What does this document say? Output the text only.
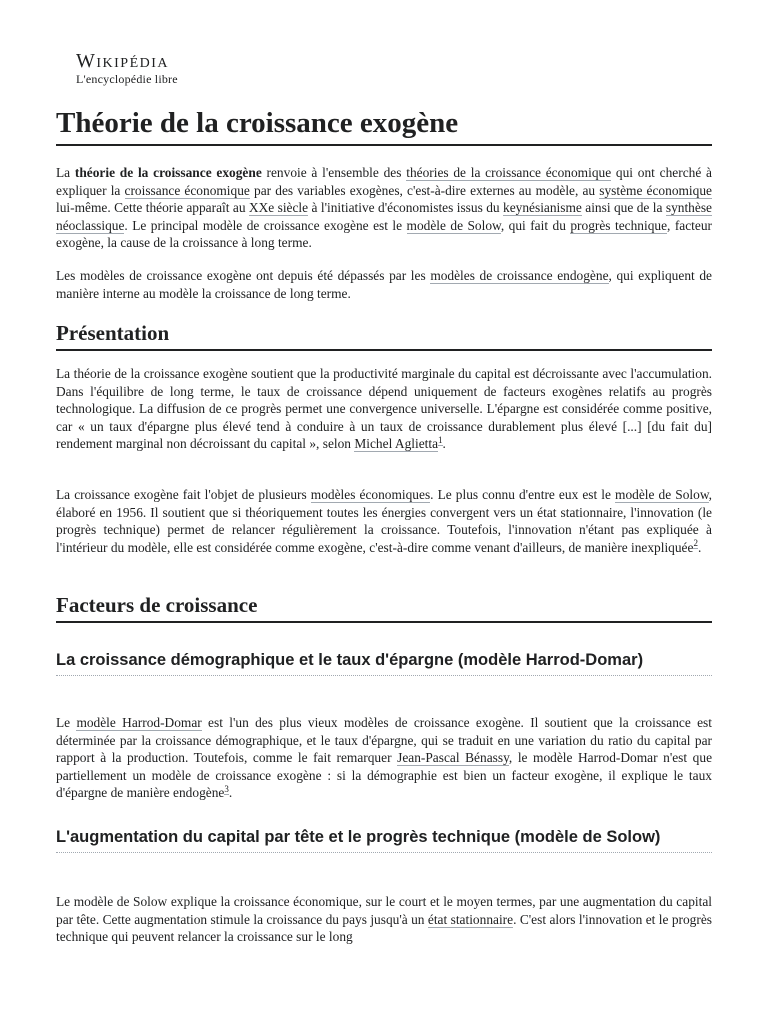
Wikipédia
L'encyclopédie libre
Théorie de la croissance exogène

La théorie de la croissance exogène renvoie à l'ensemble des théories de la croissance économique qui ont cherché à expliquer la croissance économique par des variables exogènes, c'est-à-dire externes au modèle, au système économique lui-même. Cette théorie apparaît au XXe siècle à l'initiative d'économistes issus du keynésianisme ainsi que de la synthèse néoclassique. Le principal modèle de croissance exogène est le modèle de Solow, qui fait du progrès technique, facteur exogène, la cause de la croissance à long terme.

Les modèles de croissance exogène ont depuis été dépassés par les modèles de croissance endogène, qui expliquent de manière interne au modèle la croissance de long terme.

Présentation

La théorie de la croissance exogène soutient que la productivité marginale du capital est décroissante avec l'accumulation. Dans l'équilibre de long terme, le taux de croissance dépend uniquement de facteurs exogènes relatifs au progrès technologique. La diffusion de ce progrès permet une convergence universelle. L'épargne est considérée comme positive, car « un taux d'épargne plus élevé tend à conduire à un taux de croissance durablement plus élevé [...] [du fait du] rendement marginal non décroissant du capital », selon Michel Aglietta$^1$.

La croissance exogène fait l'objet de plusieurs modèles économiques. Le plus connu d'entre eux est le modèle de Solow, élaboré en 1956. Il soutient que si théoriquement toutes les énergies convergent vers un état stationnaire, l'innovation (le progrès technique) permet de relancer régulièrement la croissance. Toutefois, l'innovation n'étant pas expliquée à l'intérieur du modèle, elle est considérée comme exogène, c'est-à-dire comme venant d'ailleurs, de manière inexpliquée$^2$.

Facteurs de croissance
La croissance démographique et le taux d'épargne (modèle Harrod-Domar)

Le modèle Harrod-Domar est l'un des plus vieux modèles de croissance exogène. Il soutient que la croissance est déterminée par la croissance démographique, et le taux d'épargne, qui se traduit en une variation du ratio du capital par rapport à la production. Toutefois, comme le fait remarquer Jean-Pascal Bénassy, le modèle Harrod-Domar n'est que partiellement un modèle de croissance exogène : si la démographie est bien un facteur exogène, il explique le taux d'épargne de manière endogène$^3$.

L'augmentation du capital par tête et le progrès technique (modèle de Solow)

Le modèle de Solow explique la croissance économique, sur le court et le moyen termes, par une augmentation du capital par tête. Cette augmentation stimule la croissance du pays jusqu'à un état stationnaire. C'est alors l'innovation et le progrès technique qui peuvent relancer la croissance sur le long
